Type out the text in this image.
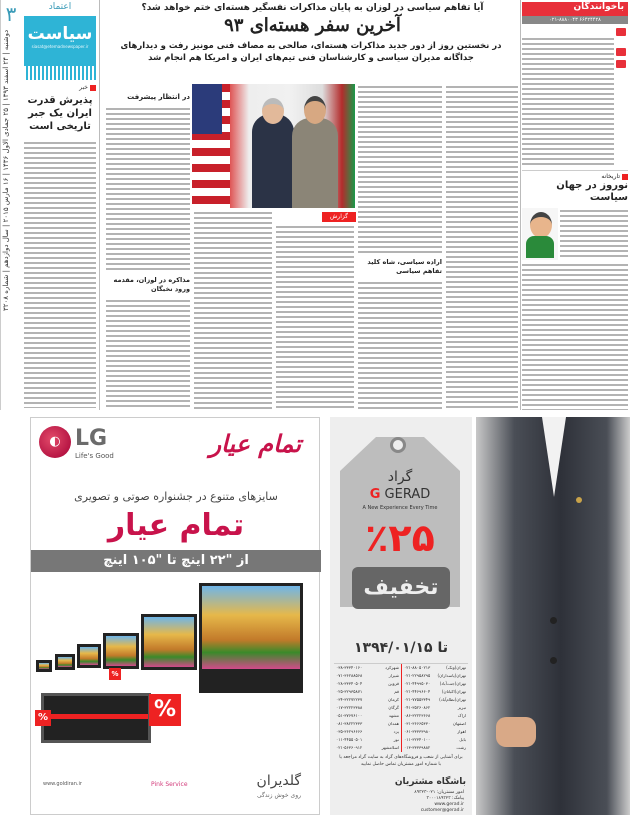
۳
دوشنبه | ۲۴ اسفند ۱۳۹۳ | ۲۵ جمادی الاول ۱۴۳۶ | ۱۶ مارس ۲۰۱۵ | سال دوازدهم | شماره ۳۲۰۸
اعتماد
سیاست
siasat@etemadnewspaper.ir
خبر
پذیرش قدرت ایران یک جبر تاریخی است
آیا تفاهم سیاسی در لوزان به پایان مذاکرات نفسگیر هسته‌ای ختم خواهد شد؟
آخرین سفر هسته‌ای ۹۳
در نخستین روز از دور جدید مذاکرات هسته‌ای، صالحی به مصاف فنی مونیز رفت و دیدارهای جداگانه مدیران سیاسی و کارشناسان فنی تیم‌های ایران و امریکا هم انجام شد
گزارش
اراده سیاسی، شاه کلید تفاهم سیاسی
در انتظار پیشرفت
مذاکره در لوزان، مقدمه ورود نخبگان
باخوانندگان
۰۲۱-۸۸۸۰۰۴۳ ۶۶۴۲۴۴۲۸
تاریخانه
نوروز در جهان سیاست
◐ LG
Life's Good	تمام عیار
سایزهای متنوع در جشنواره صوتی و تصویری
تمام عیار
از "۲۲ اینچ تا "۱۰۵ اینچ
%
%
%
گلدیران
روی خوش زندگی
Pink Service
www.goldiran.ir
گراد
G GERAD
A New Experience Every Time
٪۲۵
تخفیف
تا ۱۳۹۴/۰۱/۱۵
تهران(ونک)
۰۲۱-۸۸۰۵۰۲۱۳
شهرکرد
۰۳۸-۳۳۳۴۰۱۶۰
تهران(پاسداران)
۰۲۱-۲۲۹۵۸۲۹۵
شیراز
۰۷۱-۳۶۲۸۸۵۶۸
تهران(جنت‌آباد)
۰۲۱-۴۴۹۹۵۰۳۰
قزوین
۰۲۸-۳۳۳۴۰۵۰۴
تهران(اکباتان)
۰۲۱-۴۴۶۹۶۶۰۴
قم
۰۲۵-۳۲۹۳۵۸۷۱
تهران(نظام‌آباد)
۰۲۱-۷۷۵۵۳۳۴۹
کرمان
۰۳۴-۳۲۲۷۲۲۳۷
تبریز
۰۴۱-۳۵۲۶۰۸۶۲
گرگان
۰۱۷-۳۲۲۲۳۳۸۸
اراک
۰۸۶-۳۲۲۲۳۶۶۸
مشهد
۰۵۱-۳۷۶۷۶۱۰۰
اصفهان
۰۳۱-۳۶۶۶۵۳۳۰
همدان
۰۸۱-۳۸۲۲۲۳۳۳
اهواز
۰۶۱-۳۳۳۳۳۹۸۰
یزد
۰۳۵-۳۶۲۹۶۶۶۶
بابل
۰۱۱-۳۲۳۴۰۱۰۰
نور
۰۱۱-۴۴۵۵۰۵۰۱
رشت
۰۱۳-۳۳۳۳۹۸۸۲
اسلامشهر
۰۲۱-۵۶۳۶۰۹۱۲
برای آشنایی از شعب و فروشگاه‌های گراد به سایت گراد مراجعه یا با شماره امور مشتریان تماس حاصل نمایید
باشگاه مشتریان
امور مشتریان: ۰۲۱-۸۹۳۲۳
پیامک: ۳۰۰۰۱۸۹۳۲۳
www.gerad.ir
customer@gerad.ir
